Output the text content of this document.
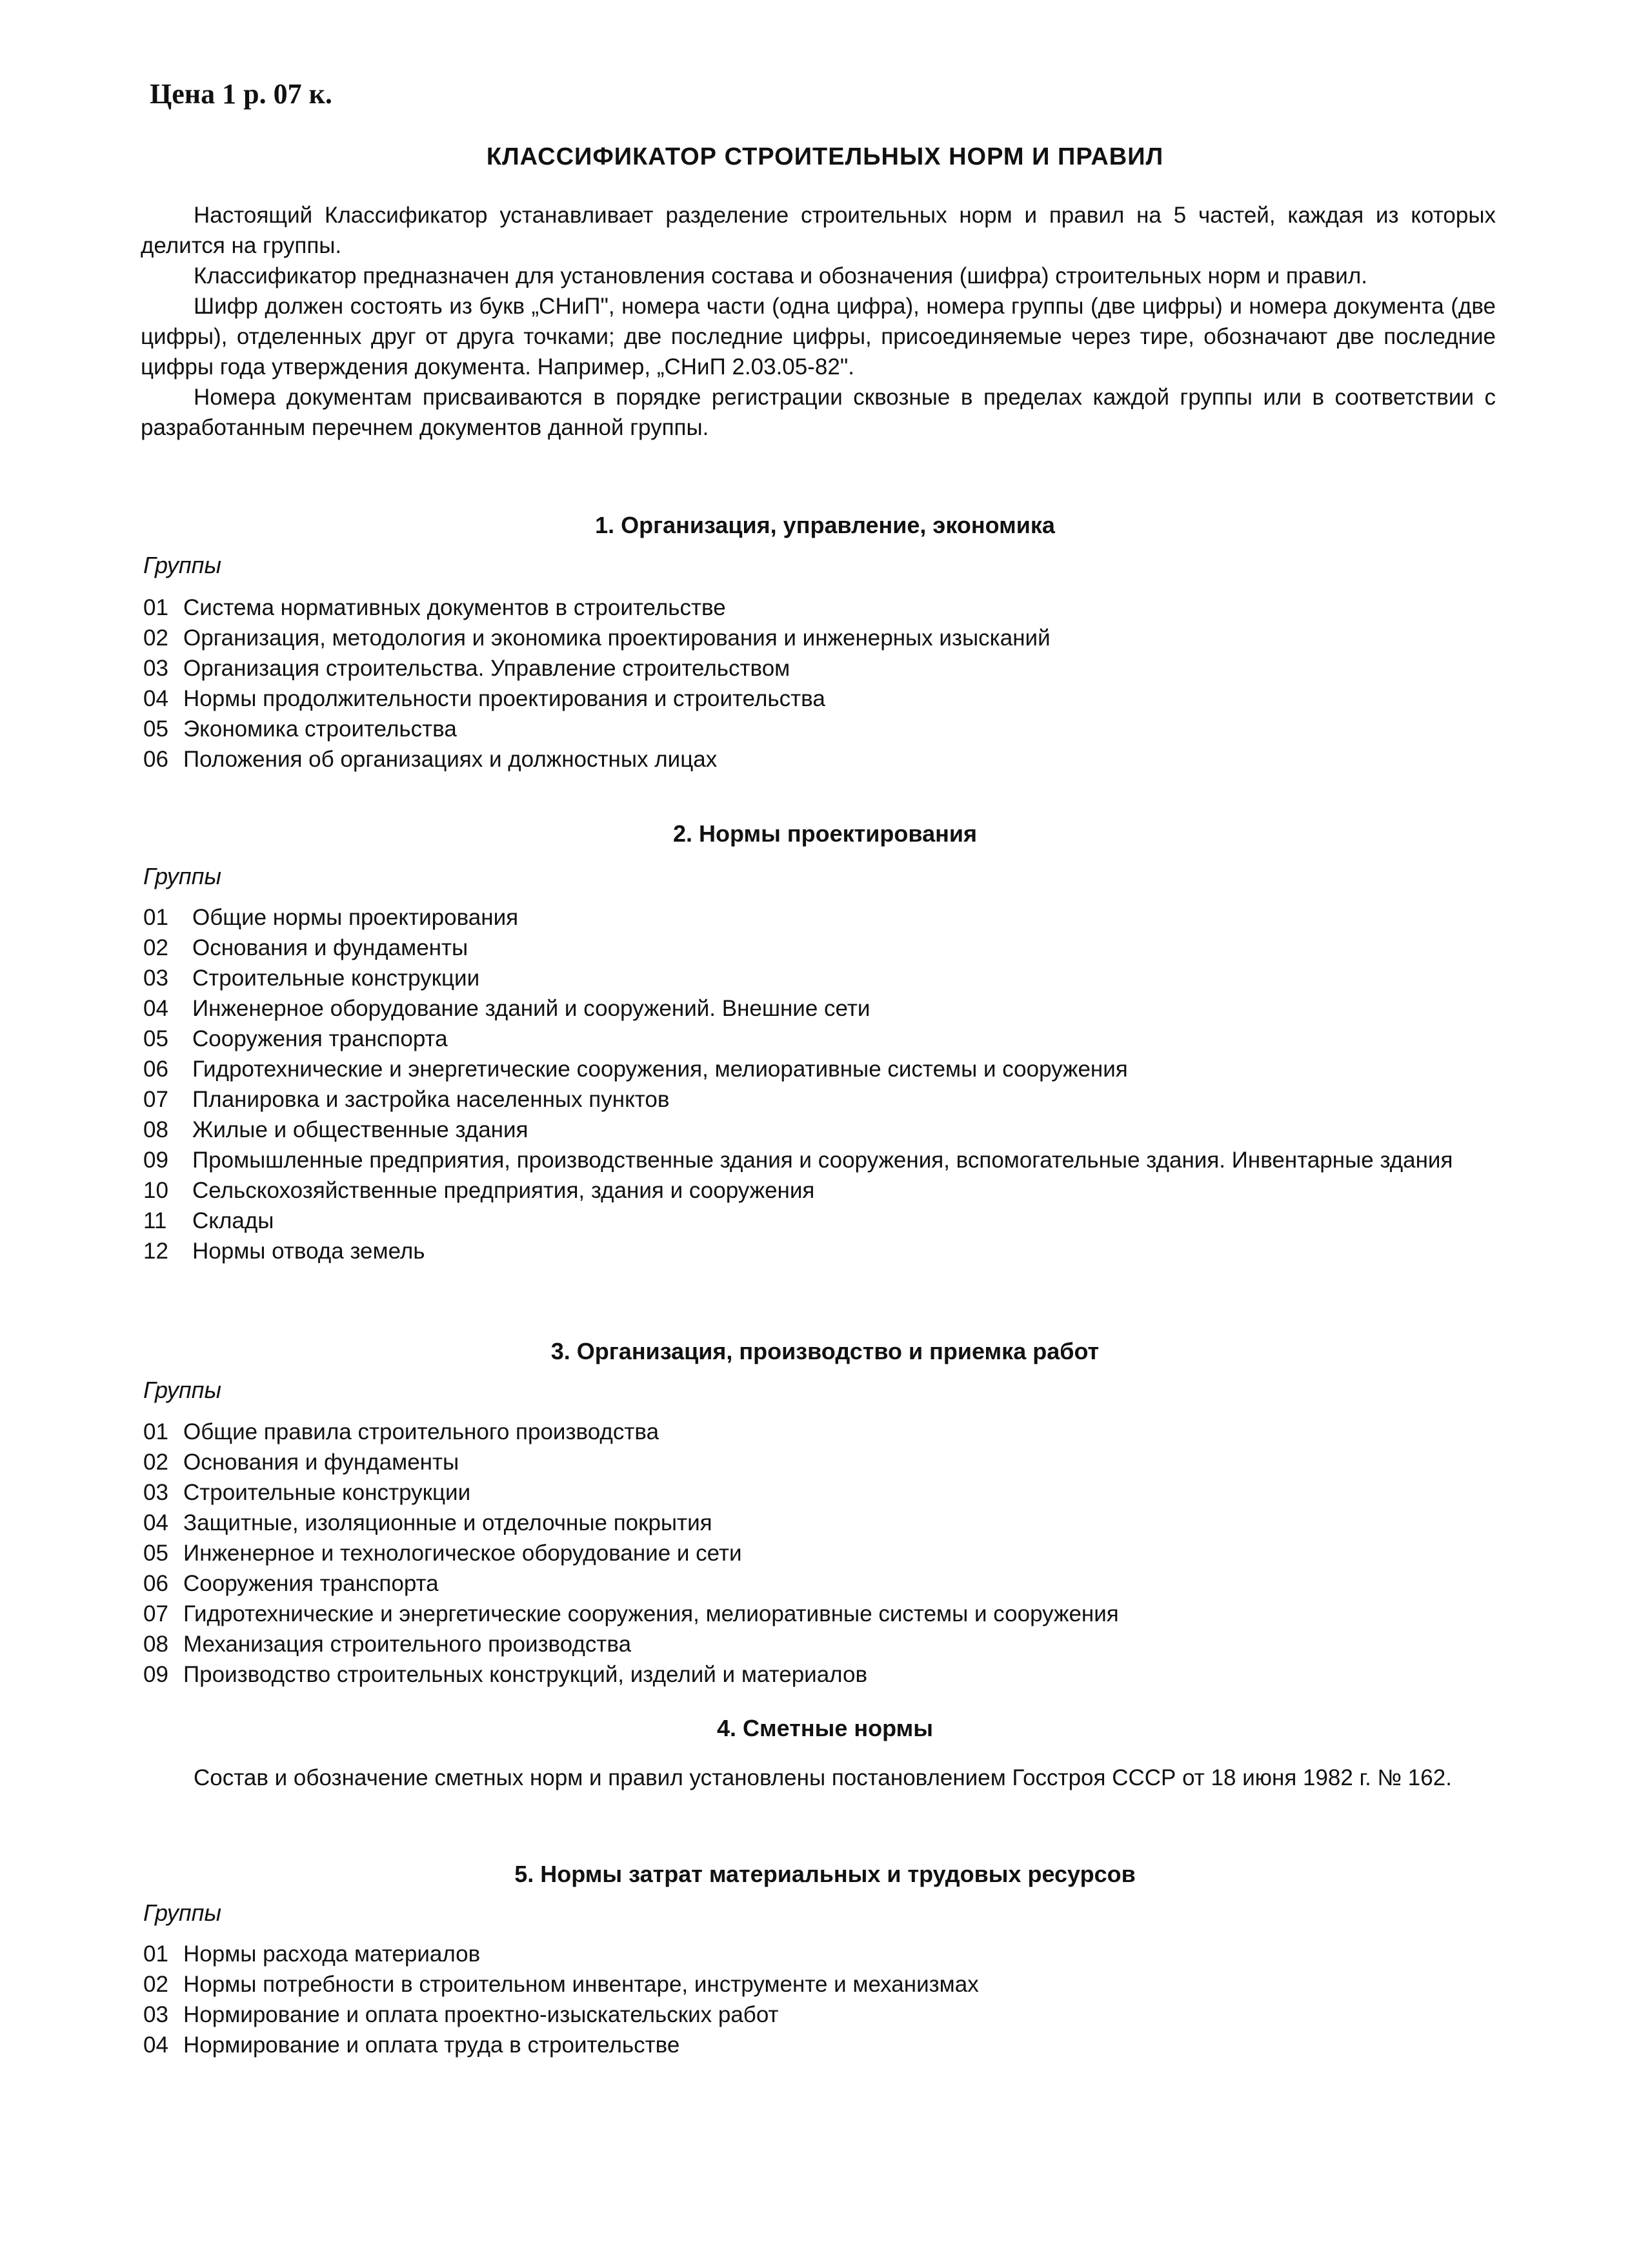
Цена 1 р. 07 к.
КЛАССИФИКАТОР СТРОИТЕЛЬНЫХ НОРМ И ПРАВИЛ

Настоящий Классификатор устанавливает разделение строительных норм и правил на 5 частей, каждая из которых делится на группы.

Классификатор предназначен для установления состава и обозначения (шифра) строительных норм и правил.

Шифр должен состоять из букв „СНиП", номера части (одна цифра), номера группы (две цифры) и номера документа (две цифры), отделенных друг от друга точками; две последние цифры, присоединяемые через тире, обозначают две последние цифры года утверждения документа. Например, „СНиП 2.03.05-82".

Номера документам присваиваются в порядке регистрации сквозные в пределах каждой группы или в соответствии с разработанным перечнем документов данной группы.

1. Организация, управление, экономика
Группы
01 Система нормативных документов в строительстве
02 Организация, методология и экономика проектирования и инженерных изысканий
03 Организация строительства. Управление строительством
04 Нормы продолжительности проектирования и строительства
05 Экономика строительства
06 Положения об организациях и должностных лицах
2. Нормы проектирования
Группы
01	Общие нормы проектирования
02	Основания и фундаменты
03	Строительные конструкции
04	Инженерное оборудование зданий и сооружений. Внешние сети
05	Сооружения транспорта
06	Гидротехнические и энергетические сооружения, мелиоративные системы и сооружения
07	Планировка и застройка населенных пунктов
08	Жилые и общественные здания
09	Промышленные предприятия, производственные здания и сооружения, вспомогательные здания. Инвентарные здания
10	Сельскохозяйственные предприятия, здания и сооружения
11	Склады
12	Нормы отвода земель
3. Организация, производство и приемка работ
Группы
01 Общие правила строительного производства
02 Основания и фундаменты
03 Строительные конструкции
04 Защитные, изоляционные и отделочные покрытия
05 Инженерное и технологическое оборудование и сети
06 Сооружения транспорта
07 Гидротехнические и энергетические сооружения, мелиоративные системы и сооружения
08 Механизация строительного производства
09 Производство строительных конструкций, изделий и материалов
4. Сметные нормы

Состав и обозначение сметных норм и правил установлены постановлением Госстроя СССР от 18 июня 1982 г. № 162.

5. Нормы затрат материальных и трудовых ресурсов
Группы
01 Нормы расхода материалов
02 Нормы потребности в строительном инвентаре, инструменте и механизмах
03 Нормирование и оплата проектно-изыскательских работ
04 Нормирование и оплата труда в строительстве
